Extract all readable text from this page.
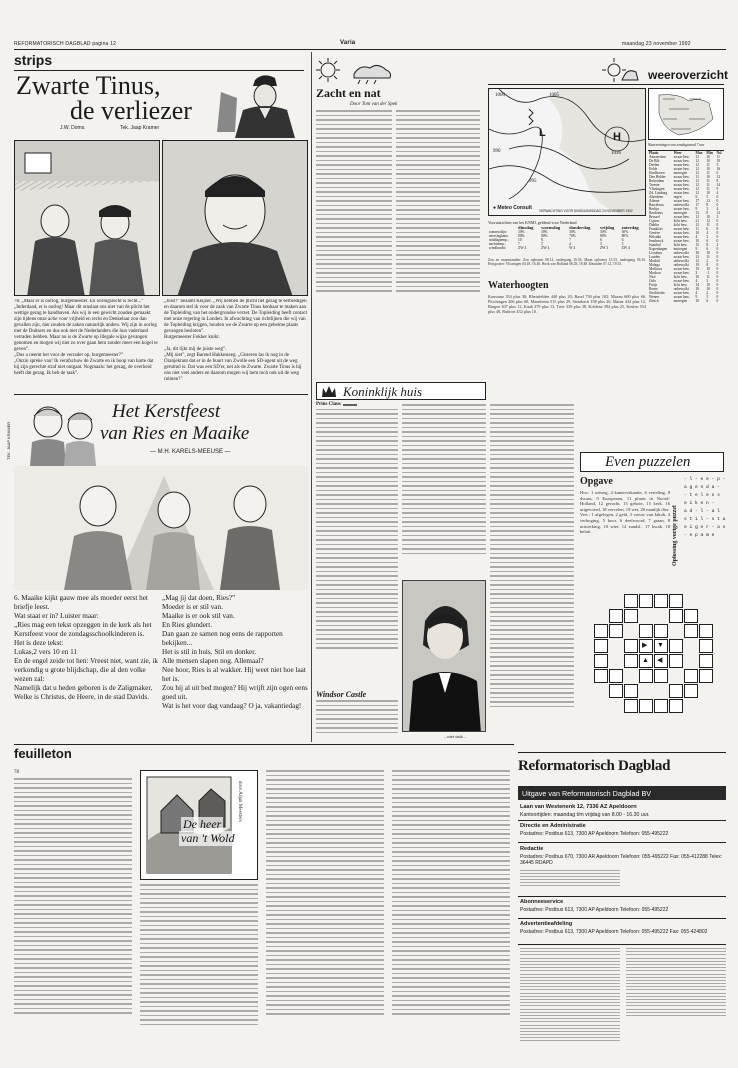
REFORMATORISCH DAGBLAD pagina 12	Varia	maandag 23 november 1992
strips
Zwarte Tinus,
de verliezer
J.W. Doms.	Tek. Jaap Kramer
78. „Maar er is oorlog, burgemeester. En oorlogsrecht is recht...”
„Inderdaad, er is oorlog! Maar dit omslaat ons niet van de plicht het wettige gezag te handhaven. Als wij in een gewicht zouden gemaakt zijn tijdens onze actie voor vrijheid en recht en Denkelaar zou dan gevallen zijn, dan zouden de zaken natuurlijk anders. Wij zijn in oorlog met de Duitsers en dus ook met de Nederlanders die hun vaderland verraden hebben. Maar nu is de Zwarte op illegale wijze gevangen genomen en mogen wij niet zo over gaan hem zonder meer een kogel te geven”.
„Dus u neemt het voor de verrader op, burgemeester?”
„Onzin spreke van! Ik verafschuw de Zwarte en ik hoop van harte dat hij zijn gerechte straf niet ontgaat. Nogmaals: het gezag, de overheid heeft dat gezag. Ik heb de taak”.
„Juist!” beaamt Keijzer. „Wij hebben de plicht het gezag te eerbiedigen en daarom stel ik voor de zaak van Zwarte Tinus kenbaar te maken aan de Topleiding van het ondergrondse verzet. De Topleiding heeft contact met onze regering in Londen. In afwachting van richtlijnen die wij van de Topleiding krijgen, houden we de Zwarte op een geheime plaats gevangen besloten”.
Burgemeester Fokker knikt.

„Ja, dit lijkt mij de juiste weg”.
„Mij niet”, zegt Barend Hakkesteeg. „Gisteren las ik nog in de Oranjekrant dat er in de buurt van Zwolle een SD-agent uit de weg geruimd is. Dat was een SD'er, net als de Zwarte. Zwarte Tinus is bij ons niet veel anders en daarom mogen wij hem toch ook uit de weg ruimen?”
TEK. JAAP KRAMER
Het Kerstfeest
van Ries en Maaike
— M.H. KARELS-MEEUSE —
6. Maaike kijkt gauw mee als moeder eerst het briefje leest.
Wat staat er in? Luister maar:
„Ries mag een tekst opzeggen in de kerk als het Kerstfeest voor de zondagsschoolkinderen is.
Het is deze tekst:
Lukas,2 vers 10 en 11
En de engel zeide tot hen: Vreest niet, want zie, ik verkondig u grote blijdschap, die al den volke wezen zal:
Namelijk dat u heden geboren is de Zaligmaker, Welke is Christus, de Heere, in de stad Davids.
„Mag jij dat doen, Ries?”
Moeder is er stil van.
Maaike is er ook stil van.
En Ries glundert.
Dan gaan ze samen nog eens de rapporten bekijken...
Het is stil in huis. Stil en donker.
Alle mensen slapen nog. Allemaal?
Nee hoor, Ries is al wakker. Hij weet niet hoe laat het is.
Zou hij al uit bed mogen? Hij wrijft zijn ogen eens goed uit.
Wat is het voor dag vandaag? O ja, vakantiedag!
feuilleton
78
De heer
van 't Wold
door Arjan Meesters
Zacht en nat
Door Tom van der Spek
Koninklijk huis
Prins Claus
Windsor Castle
...niet stuk...
weeroverzicht
1000	1005
990
995
1036
H
L
● Meteo Consult VERWACHTING VOOR DINSDAGMIDDAG 24 NOVEMBER 1992
Waarnemingen van zondagavond 7 uur
Plaats	Weer	Max	Min	Nsl
Amsterdam	zwaar bew.	12	10	11
De Bilt	zwaar bew.	12	10	10
Deelen	zwaar bew.	12	11	5
Eelde	zwaar bew.	12	10	16
Eindhoven	motregen	12	11	6
Den Helder	zwaar bew.	11	10	12
Rotterdam	zwaar bew.	12	11	8
Twente	zwaar bew.	12	11	14
Vlissingen	zwaar bew.	12	11	9
Zd. Limburg	zwaar bew.	12	10	4
Aberdeen	regen	9	5	0
Athene	zwaar bew.	17	12	0
Barcelona	onbewolkt	17	8	0
Berlijn	zwaar bew.	9	3	4
Bordeaux	motregen	13	8	12
Brussel	zwaar bew.	12	10	3
Cyprus	licht bew.	21	12	0
Dublin	licht bew.	12	11	0
Frankfort	zwaar bew.	11	6	8
Genève	zwaar bew.	10	4	0
Helsinki	zwaar bew.	4	3	0
Innsbruck	zwaar bew.	10	6	0
Istanbul	licht bew.	15	8	2
Kopenhagen	motregen	9	6	0
Lissabon	onbewolkt	16	10	0
Londen	zwaar bew.	13	11	0
Madrid	onbewolkt	12	2	0
Malaga	onbewolkt	19	8	0
Mallorca	zwaar bew.	19	10	0
Moskou	zwaar bew.	3	-1	0
Nice	licht bew.	16	11	0
Oslo	zwaar bew.	4	3	0
Parijs	licht bew.	14	10	0
Rome	onbewolkt	18	10	0
Stockholm	zwaar bew.	4	2	0
Wenen	zwaar bew.	9	5	0
Zürich	motregen	10	6	0
Vooruitzichten van het KNMI, geldend voor Nederland
	dinsdag	woensdag	donderdag	vrijdag	zaterdag
zonneschijn:	30%	30%	30%	30%	30%
neerslagkans:	80%	80%	70%	80%	80%
middagtemp.:	10	8	7	6	6
nachttemp.:	7	5	4	3	3
windkracht:	ZW 4	ZW 4	W 4	ZW 3	ZW 4
Zon en maanstanden: Zon opkomst 08.12, ondergang 16.36. Maan opkomst 15.53, ondergang 06.16. Hoogwater: Vlissingen 04.18, 16.40. Hoek van Holland 06.28, 18.48. IJmuiden 07.12, 19.35.
Waterhoogten
Konstanz 354 plus 38; Rheinfelden 440 plus 20; Basel 730 plus 102; Maxau 600 plus 66, Plochingen 206 plus 60, Mannheim 515 plus 29, Steinbach 198 plus 26, Mainz 434 plus 12, Bingen 307 plus 12, Kaub 379 plus 13, Trier 339 plus 38, Koblenz 394 plus 25, Keulen 554 plus 40, Ruhrort 432 plus 10.
Even puzzelen
Opgave
Hor.: 1 uitweg, 4 kamervakantie, 6 verteling, 8 dwaas, 9 Europeaan, 11 plaats in Noord-Holland, 12 gerucht, 13 gehoor, 15 kerk, 16 uitgevoerd, 18 vervelen, 19 wet, 20 manlijk dier.
Vert.: 1 afgelegen, 2 geld, 3 vrouw van Jakob, 4 verhoging, 5 boor, 6 deelwoord, 7 graan, 8 uitwerking, 10 wiet, 14 zandsl., 17 kwak, 18 beluit.	Oplossing vorige puzzel
- l - e e - p -
a g e n d a -
- t e l e n s
e i k e n -
a d - l - a l
s t i l - s t a
e i g e r - a v
- e p a m e
▶
◀
▼
▲
Reformatorisch Dagblad
Uitgave van Reformatorisch Dagblad BV
Laan van Westenenk 12, 7336 AZ Apeldoorn
Kantoortijden: maandag t/m vrijdag van 8.00 - 16.30 uur.
Directie en Administratie
Postadres: Postbus 613, 7300 AP Apeldoorn Telefoon: 055-495222
Redactie
Postadres: Postbus 670, 7300 AR Apeldoorn Telefoon: 055-495222 Fax: 055-412288 Telex: 36445 RDAPD
Abonneeservice
Postadres: Postbus 613, 7300 AP Apeldoorn Telefoon: 055-495222
Advertentieafdeling
Postadres: Postbus 613, 7300 AP Apeldoorn Telefoon: 055-495222 Fax: 055-424802
